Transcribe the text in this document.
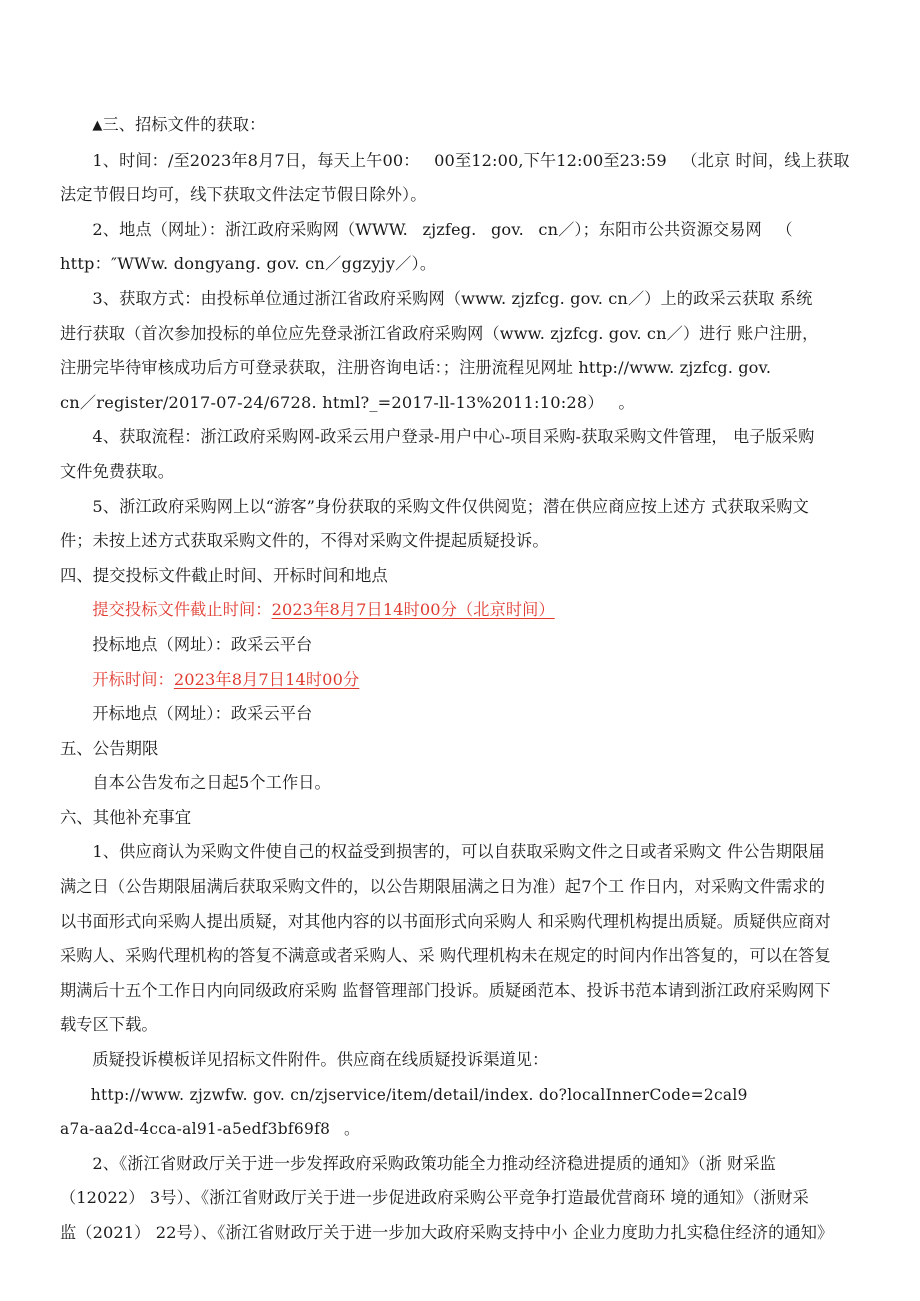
▲三、招标文件的获取：

1、时间：/至2023年8月7日，每天上午00： 00至12:00,下午12:00至23:59 （北京 时间，线上获取

法定节假日均可，线下获取文件法定节假日除外）。

2、地点（网址）：浙江政府采购网（WWW. zjzfeg. gov. cn／）；东阳市公共资源交易网 （

http：″WWw. dongyang. gov. cn／ggzyjy／）。

3、获取方式：由投标单位通过浙江省政府采购网（www. zjzfcg. gov. cn／）上的政采云获取 系统

进行获取（首次参加投标的单位应先登录浙江省政府采购网（www. zjzfcg. gov. cn／）进行 账户注册，

注册完毕待审核成功后方可登录获取，注册咨询电话：；注册流程见网址 http://www. zjzfcg. gov.

cn／register/2017-07-24/6728. html?_=2017-ll-13%2011:10:28） 。

4、获取流程：浙江政府采购网-政采云用户登录-用户中心-项目采购-获取采购文件管理， 电子版采购

文件免费获取。

5、浙江政府采购网上以“游客”身份获取的采购文件仅供阅览；潜在供应商应按上述方 式获取采购文

件；未按上述方式获取采购文件的，不得对采购文件提起质疑投诉。

四、提交投标文件截止时间、开标时间和地点

提交投标文件截止时间：2023年8月7日14时00分（北京时间）

投标地点（网址）：政采云平台

开标时间：2023年8月7日14时00分

开标地点（网址）：政采云平台

五、公告期限

自本公告发布之日起5个工作日。

六、其他补充事宜

1、供应商认为采购文件使自己的权益受到损害的，可以自获取采购文件之日或者采购文 件公告期限届

满之日（公告期限届满后获取采购文件的，以公告期限届满之日为准）起7个工 作日内，对采购文件需求的

以书面形式向采购人提出质疑，对其他内容的以书面形式向采购人 和采购代理机构提出质疑。质疑供应商对

采购人、采购代理机构的答复不满意或者采购人、采 购代理机构未在规定的时间内作出答复的，可以在答复

期满后十五个工作日内向同级政府采购 监督管理部门投诉。质疑函范本、投诉书范本请到浙江政府采购网下

载专区下载。

质疑投诉模板详见招标文件附件。供应商在线质疑投诉渠道见：

http://www. zjzwfw. gov. cn/zjservice/item/detail/index. do?localInnerCode=2cal9

a7a-aa2d-4cca-al91-a5edf3bf69f8 。

2、《浙江省财政厅关于进一步发挥政府采购政策功能全力推动经济稳进提质的通知》（浙 财采监

（12022） 3号）、《浙江省财政厅关于进一步促进政府采购公平竞争打造最优营商环 境的通知》（浙财采

监（2021） 22号）、《浙江省财政厅关于进一步加大政府采购支持中小 企业力度助力扎实稳住经济的通知》
